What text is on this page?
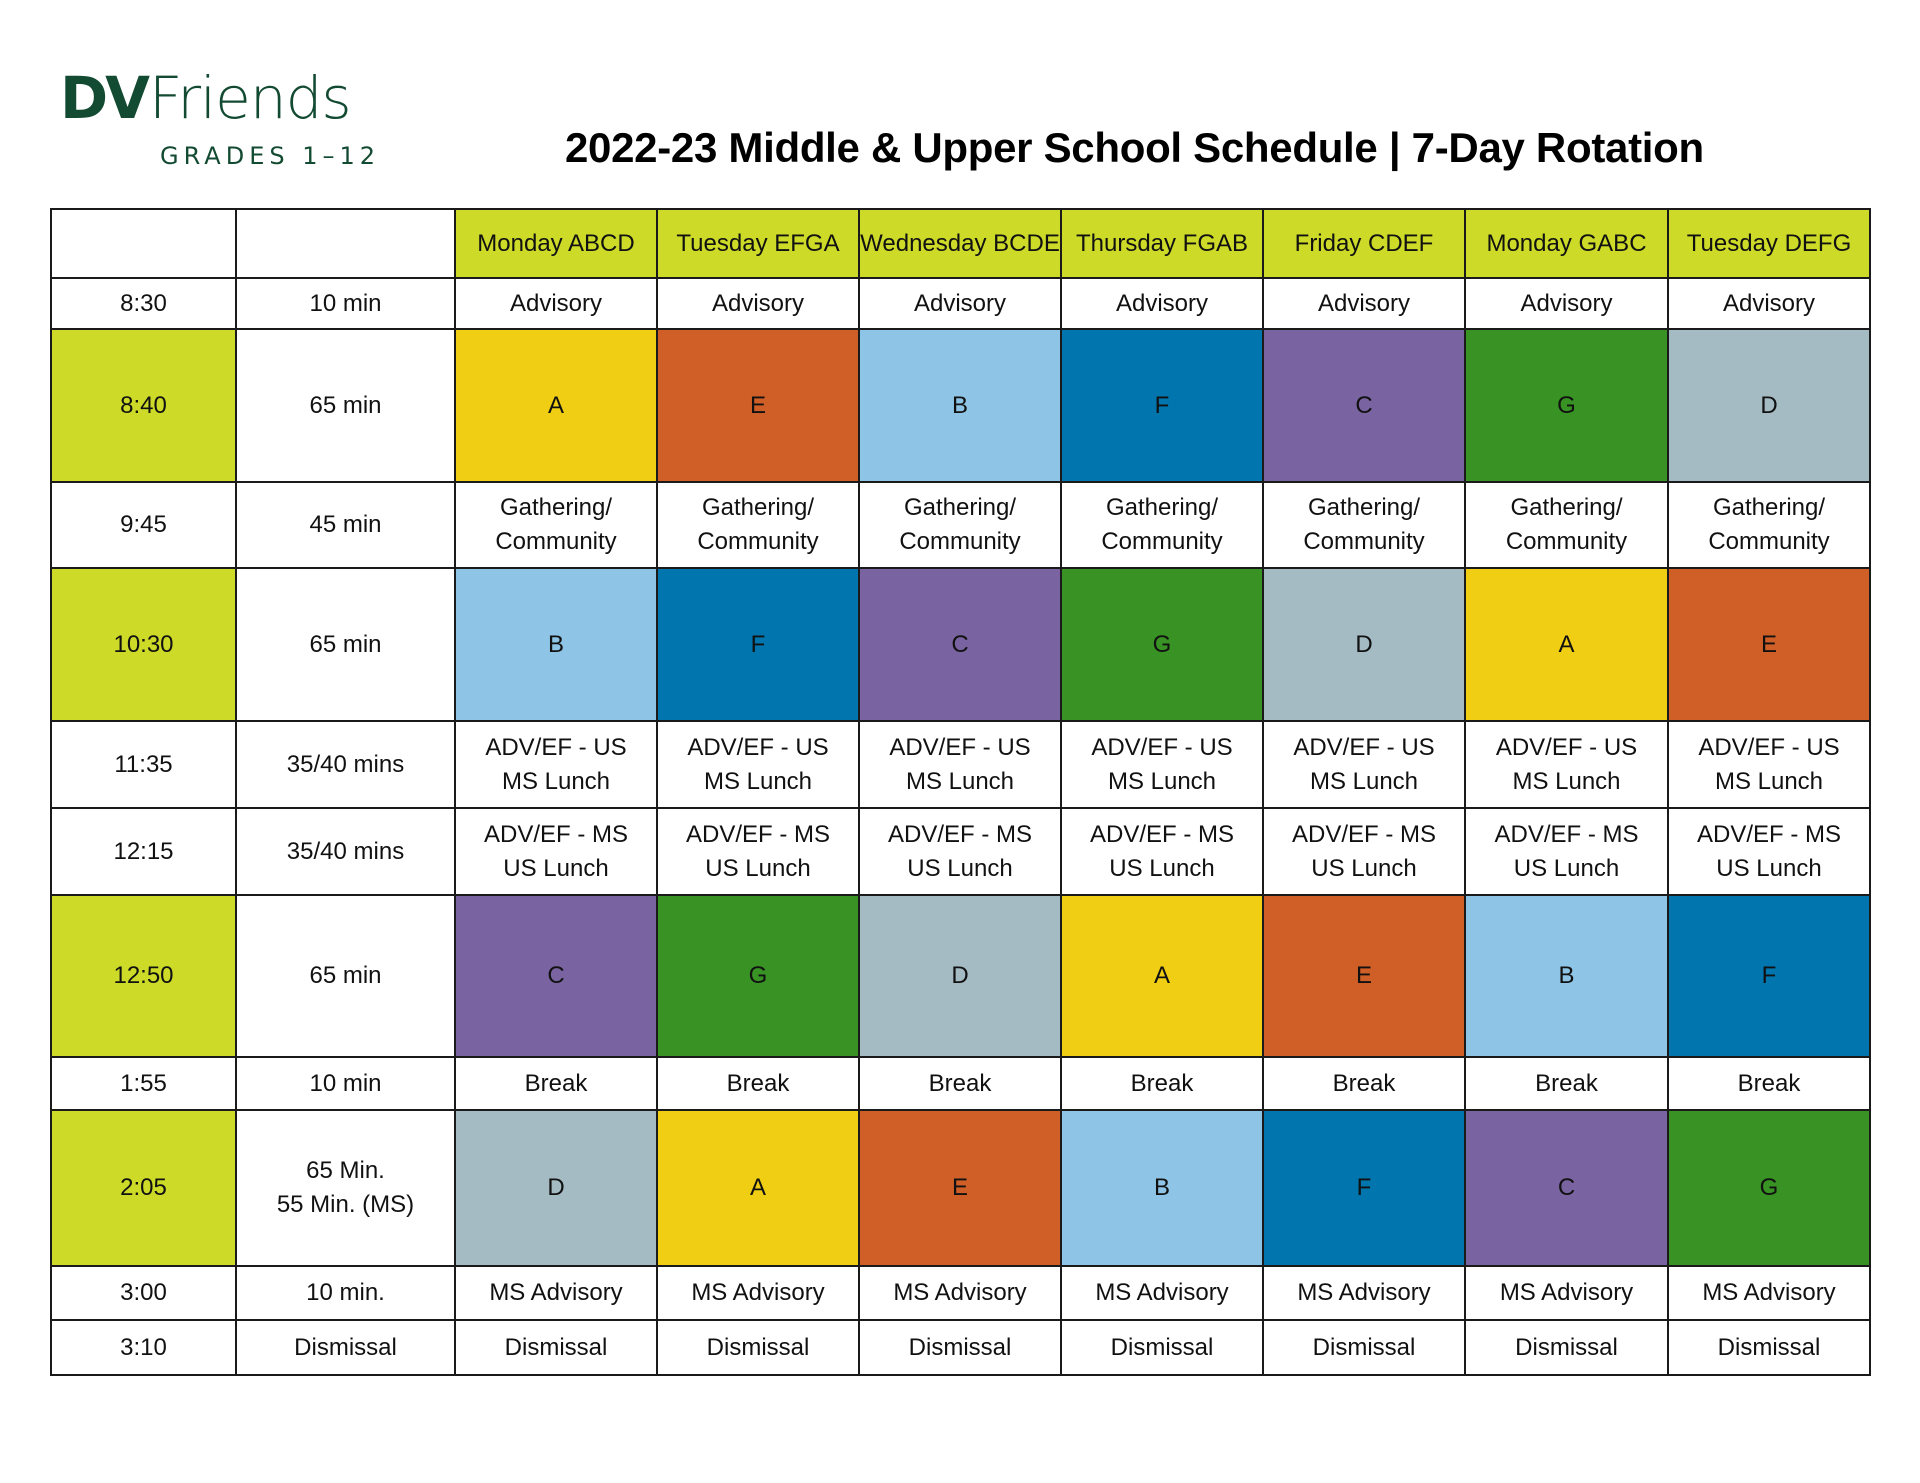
DVFriends
GRADES 1–12	2022-23 Middle & Upper School Schedule | 7-Day Rotation
		Monday ABCD	Tuesday EFGA	Wednesday BCDE	Thursday FGAB	Friday CDEF	Monday GABC	Tuesday DEFG
8:30	10 min	Advisory	Advisory	Advisory	Advisory	Advisory	Advisory	Advisory

8:40	65 min	A	E	B	F	C	G	D

9:45	45 min	Gathering/
Community	Gathering/
Community	Gathering/
Community	Gathering/
Community	Gathering/
Community	Gathering/
Community	Gathering/
Community

10:30	65 min	B	F	C	G	D	A	E

11:35	35/40 mins	ADV/EF - US
MS Lunch	ADV/EF - US
MS Lunch	ADV/EF - US
MS Lunch	ADV/EF - US
MS Lunch	ADV/EF - US
MS Lunch	ADV/EF - US
MS Lunch	ADV/EF - US
MS Lunch

12:15	35/40 mins	ADV/EF - MS
US Lunch	ADV/EF - MS
US Lunch	ADV/EF - MS
US Lunch	ADV/EF - MS
US Lunch	ADV/EF - MS
US Lunch	ADV/EF - MS
US Lunch	ADV/EF - MS
US Lunch

12:50	65 min	C	G	D	A	E	B	F

1:55	10 min	Break	Break	Break	Break	Break	Break	Break

2:05	65 Min.
55 Min. (MS)	D	A	E	B	F	C	G

3:00	10 min.	MS Advisory	MS Advisory	MS Advisory	MS Advisory	MS Advisory	MS Advisory	MS Advisory

3:10	Dismissal	Dismissal	Dismissal	Dismissal	Dismissal	Dismissal	Dismissal	Dismissal
